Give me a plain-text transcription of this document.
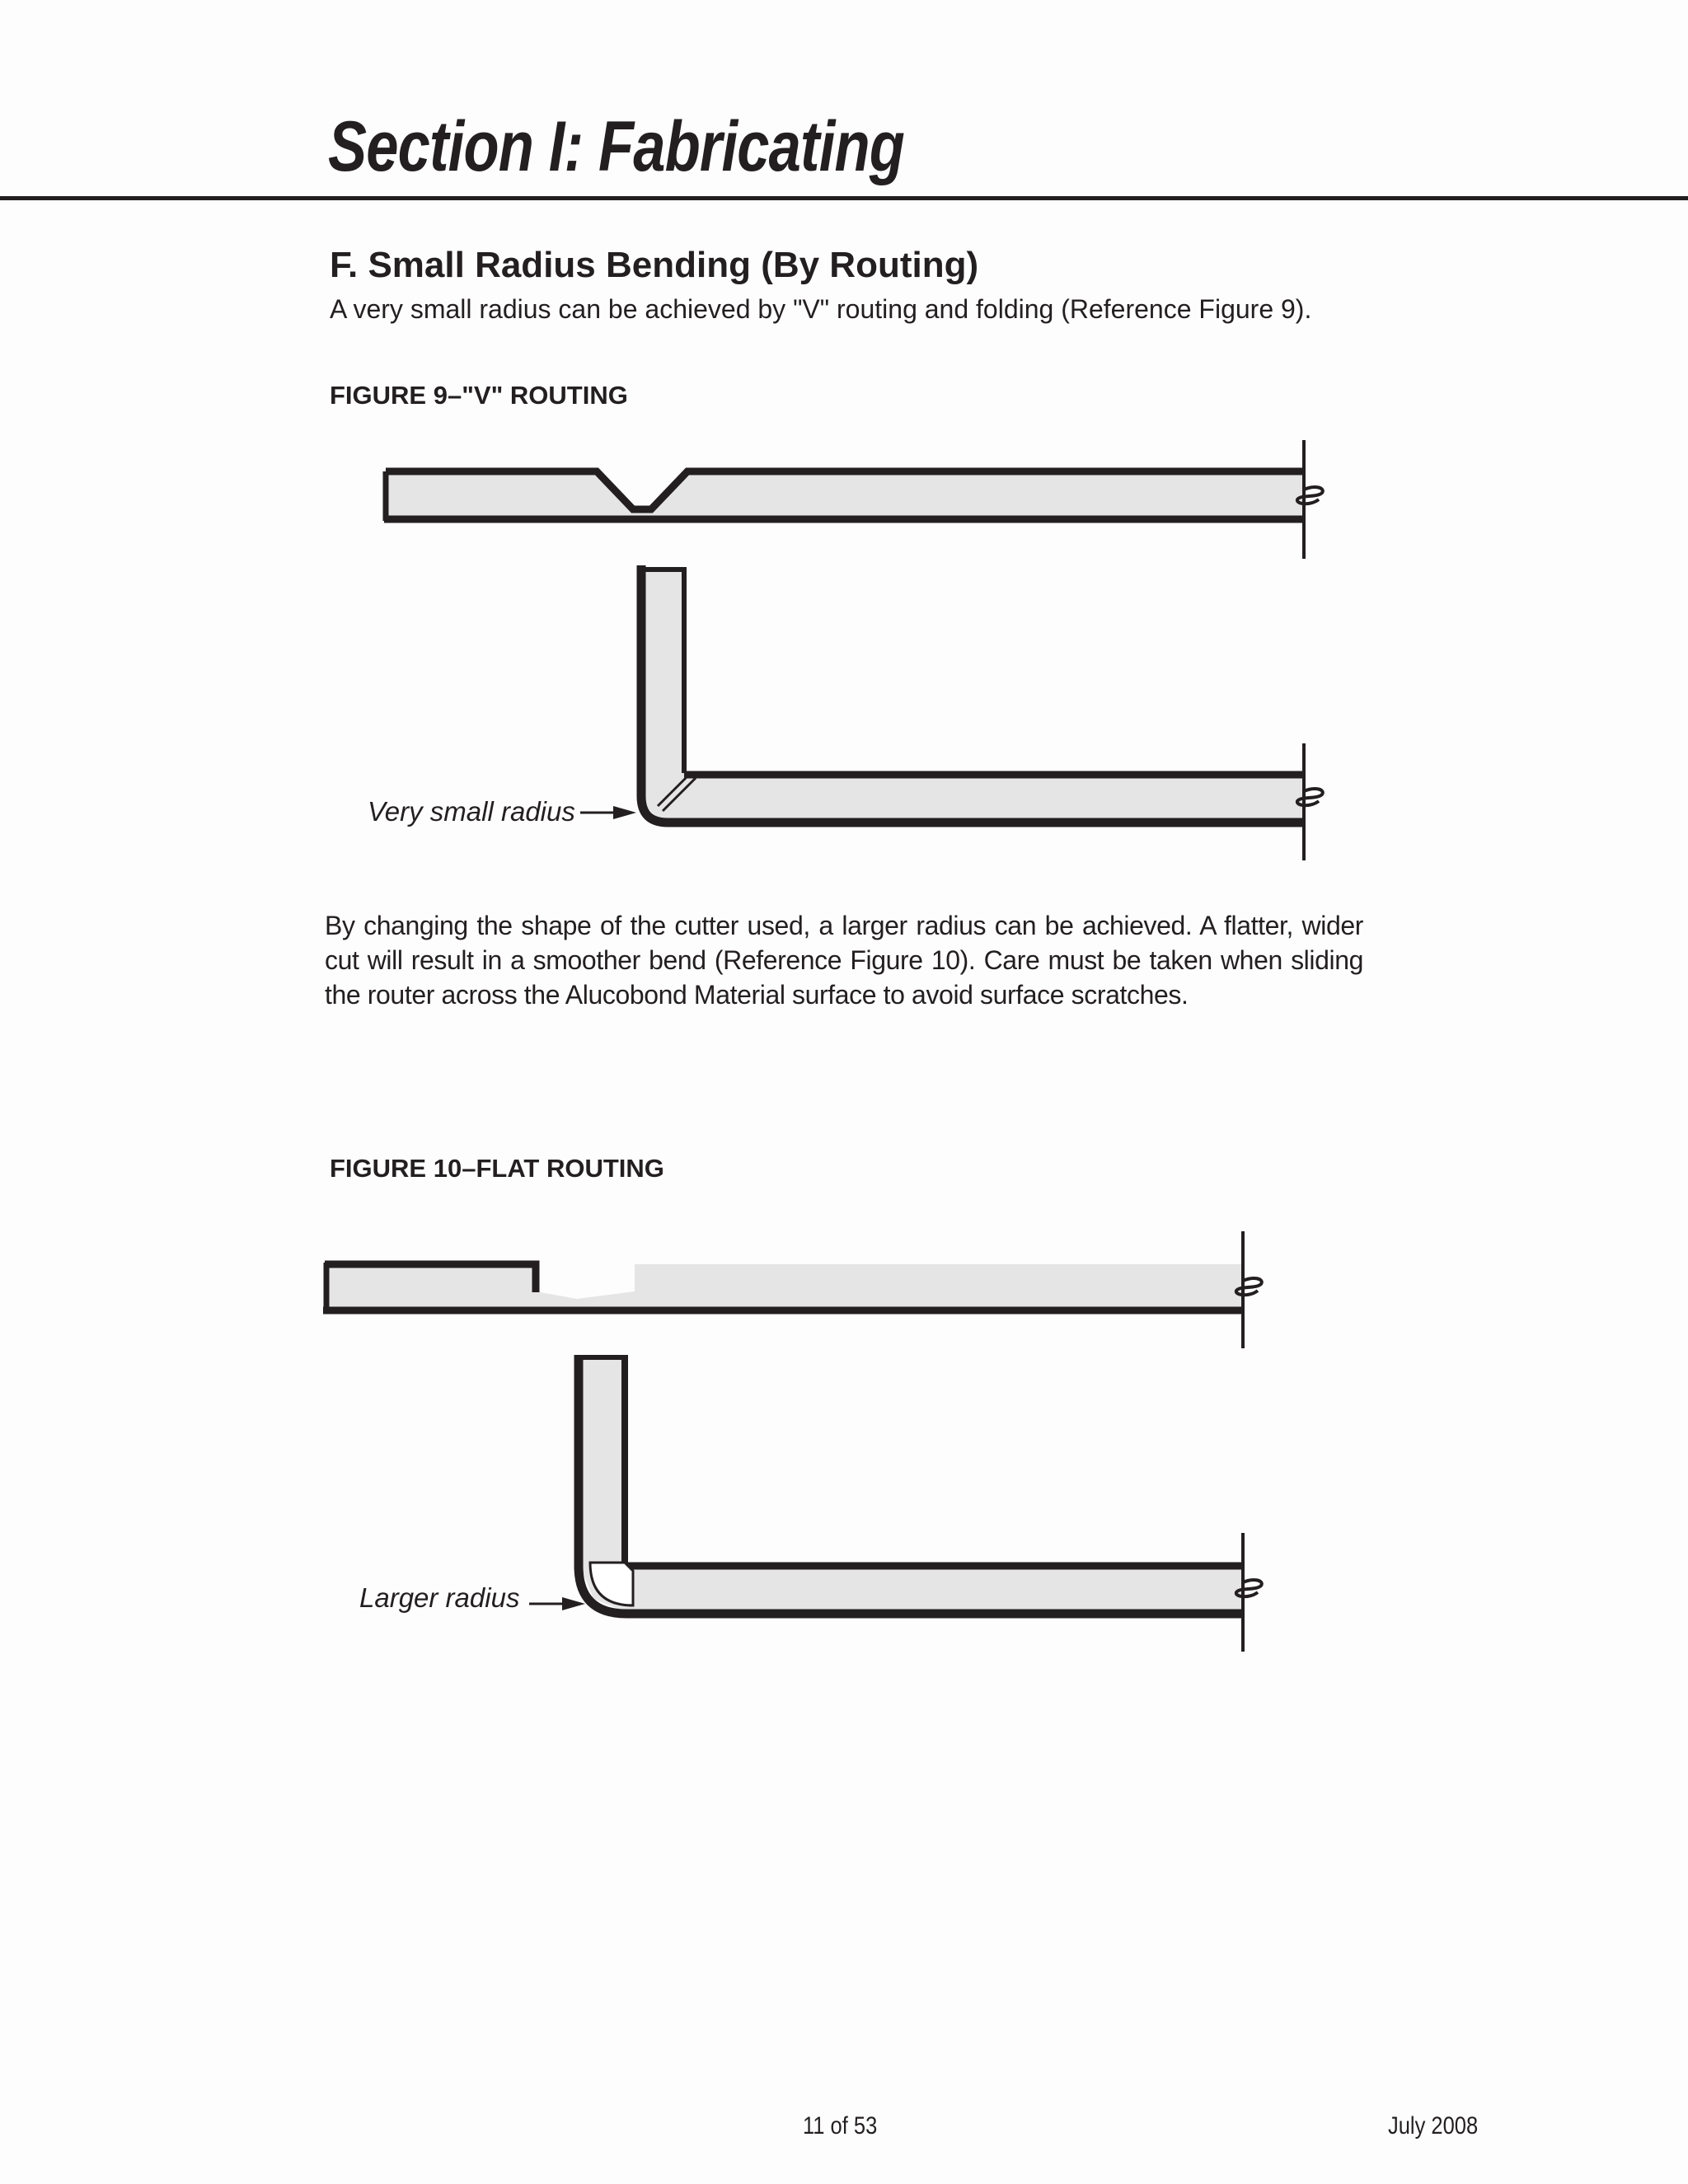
Section I: Fabricating
F. Small Radius Bending (By Routing)
A very small radius can be achieved by "V" routing and folding (Reference Figure 9).
FIGURE 9–"V" ROUTING
Very small radius
By changing the shape of the cutter used, a larger radius can be achieved. A flatter, wider cut will result in a smoother bend (Reference Figure 10). Care must be taken when sliding the router across the Alucobond Material surface to avoid surface scratches.
FIGURE 10–FLAT ROUTING
Larger radius
11 of 53	July 2008
